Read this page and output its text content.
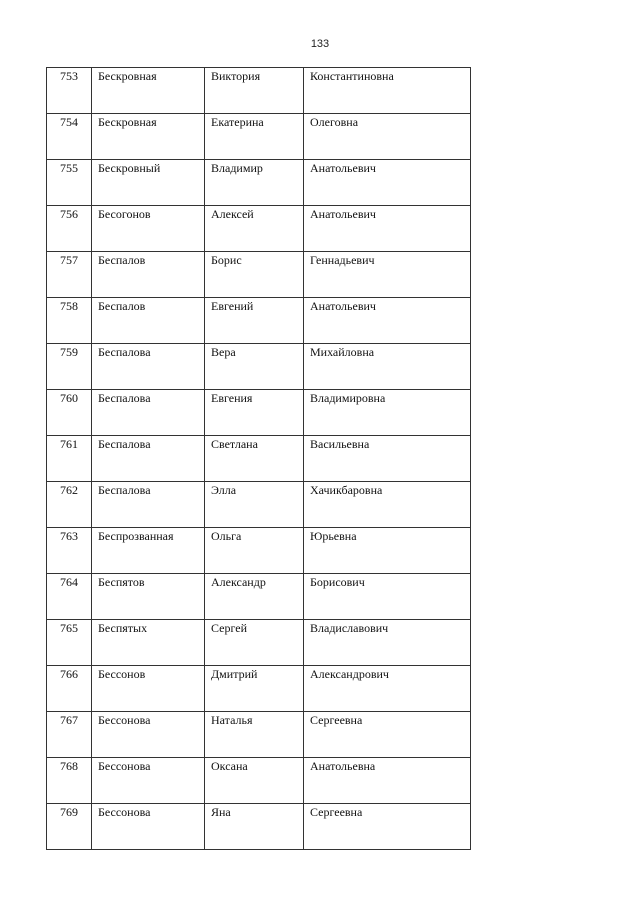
133
753	Бескровная	Виктория	Константиновна
754	Бескровная	Екатерина	Олеговна
755	Бескровный	Владимир	Анатольевич
756	Бесогонов	Алексей	Анатольевич
757	Беспалов	Борис	Геннадьевич
758	Беспалов	Евгений	Анатольевич
759	Беспалова	Вера	Михайловна
760	Беспалова	Евгения	Владимировна
761	Беспалова	Светлана	Васильевна
762	Беспалова	Элла	Хачикбаровна
763	Беспрозванная	Ольга	Юрьевна
764	Беспятов	Александр	Борисович
765	Беспятых	Сергей	Владиславович
766	Бессонов	Дмитрий	Александрович
767	Бессонова	Наталья	Сергеевна
768	Бессонова	Оксана	Анатольевна
769	Бессонова	Яна	Сергеевна
